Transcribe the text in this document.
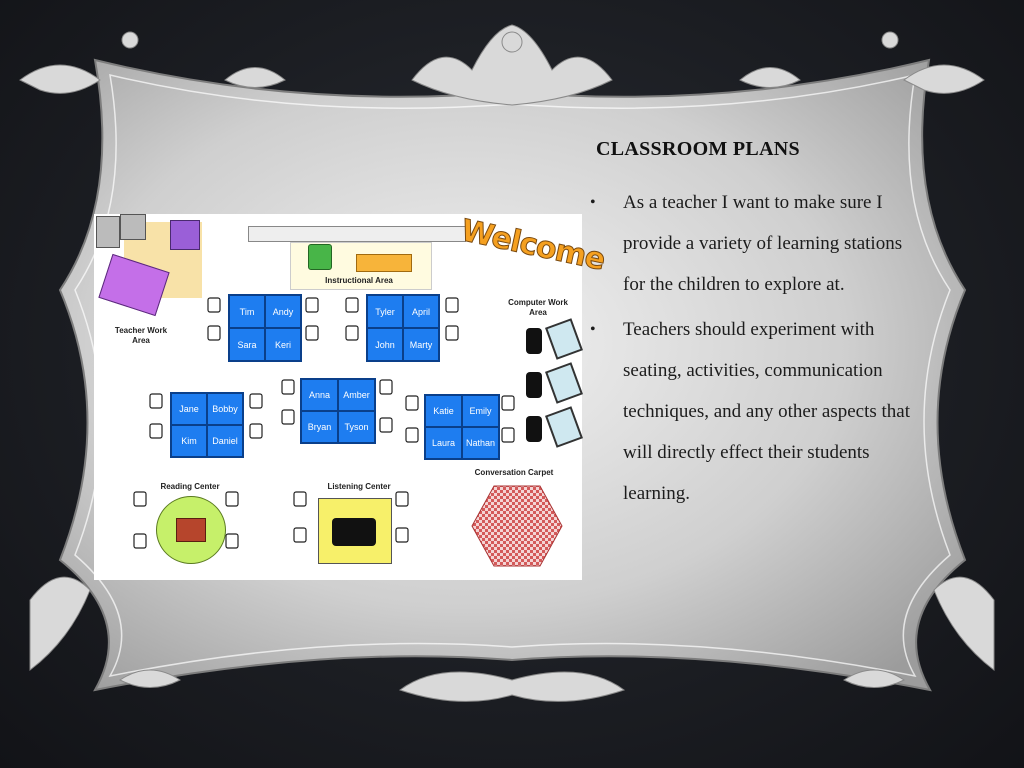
Instructional Area
Welcome
Teacher Work Area
Computer Work Area
Tim	Andy
Sara	Keri
Tyler	April
John	Marty
Jane	Bobby
Kim	Daniel
Anna	Amber
Bryan	Tyson
Katie	Emily
Laura	Nathan
Reading Center	Listening Center
Conversation Carpet
CLASSROOM PLANS
• As a teacher I want to make sure I provide a variety of learning stations for the children to explore at.
• Teachers should experiment with seating, activities, communication techniques, and any other aspects that will directly effect their students learning.
